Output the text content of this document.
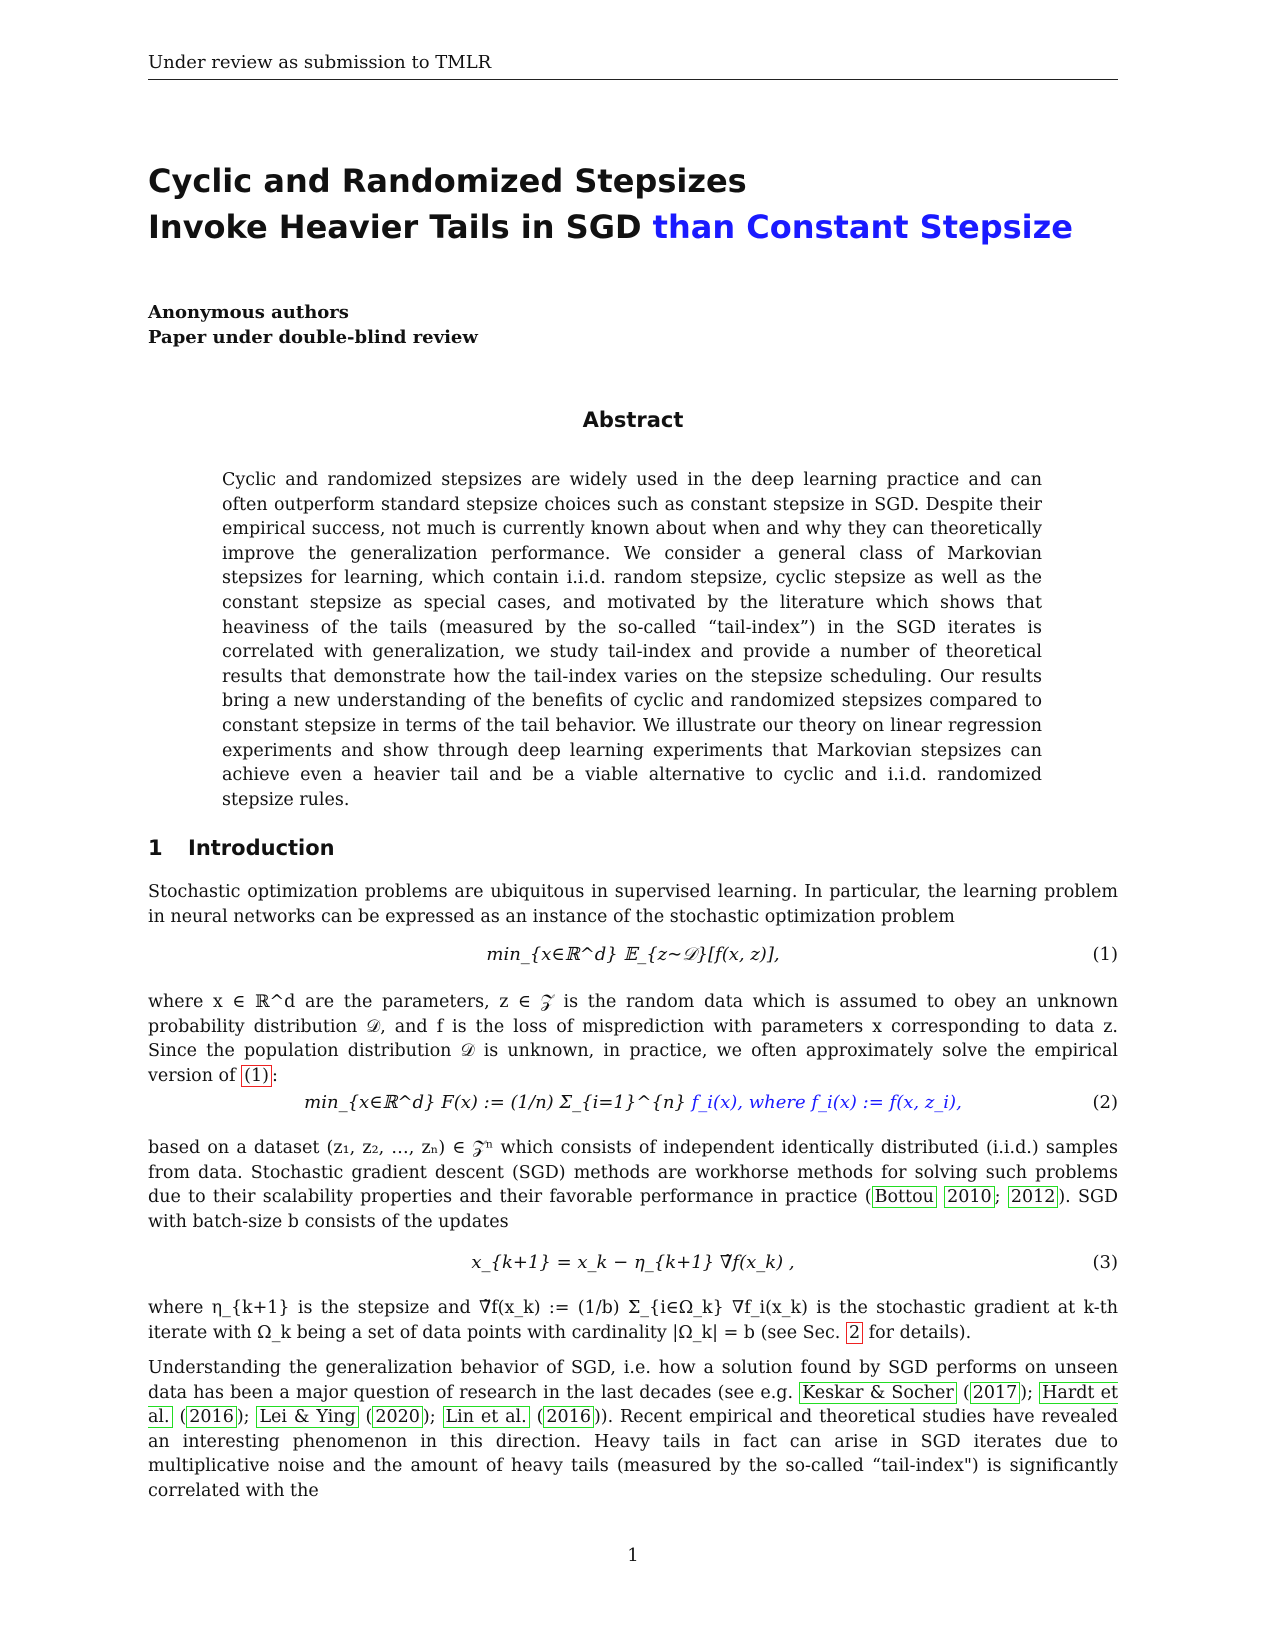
Under review as submission to TMLR
Cyclic and Randomized Stepsizes
Invoke Heavier Tails in SGD than Constant Stepsize
Anonymous authors
Paper under double-blind review
Abstract
Cyclic and randomized stepsizes are widely used in the deep learning practice and can often outperform standard stepsize choices such as constant stepsize in SGD. Despite their empirical success, not much is currently known about when and why they can theoretically improve the generalization performance. We consider a general class of Markovian stepsizes for learning, which contain i.i.d. random stepsize, cyclic stepsize as well as the constant stepsize as special cases, and motivated by the literature which shows that heaviness of the tails (measured by the so-called “tail-index”) in the SGD iterates is correlated with generalization, we study tail-index and provide a number of theoretical results that demonstrate how the tail-index varies on the stepsize scheduling. Our results bring a new understanding of the benefits of cyclic and randomized stepsizes compared to constant stepsize in terms of the tail behavior. We illustrate our theory on linear regression experiments and show through deep learning experiments that Markovian stepsizes can achieve even a heavier tail and be a viable alternative to cyclic and i.i.d. randomized stepsize rules.
1 Introduction
Stochastic optimization problems are ubiquitous in supervised learning. In particular, the learning problem in neural networks can be expressed as an instance of the stochastic optimization problem
min_{x∈ℝ^d} 𝔼_{z∼𝒟}[f(x, z)],	(1)
where x ∈ ℝ^d are the parameters, z ∈ 𝒵 is the random data which is assumed to obey an unknown probability distribution 𝒟, and f is the loss of misprediction with parameters x corresponding to data z. Since the population distribution 𝒟 is unknown, in practice, we often approximately solve the empirical version of (1) :
min_{x∈ℝ^d} F(x) := (1/n) Σ_{i=1}^{n} f_i(x), where f_i(x) := f(x, z_i),	(2)
based on a dataset (z₁, z₂, …, zₙ) ∈ 𝒵ⁿ which consists of independent identically distributed (i.i.d.) samples from data. Stochastic gradient descent (SGD) methods are workhorse methods for solving such problems due to their scalability properties and their favorable performance in practice ( Bottou 2010 ; 2012 ). SGD with batch-size b consists of the updates
x_{k+1} = x_k − η_{k+1} ∇̃f(x_k) ,	(3)
where η_{k+1} is the stepsize and ∇̃f(x_k) := (1/b) Σ_{i∈Ω_k} ∇f_i(x_k) is the stochastic gradient at k-th iterate with Ω_k being a set of data points with cardinality |Ω_k| = b (see Sec. 2 for details).
Understanding the generalization behavior of SGD, i.e. how a solution found by SGD performs on unseen data has been a major question of research in the last decades (see e.g. Keskar & Socher ( 2017 ); Hardt et al. ( 2016 ); Lei & Ying ( 2020 ); Lin et al. ( 2016 )). Recent empirical and theoretical studies have revealed an interesting phenomenon in this direction. Heavy tails in fact can arise in SGD iterates due to multiplicative noise and the amount of heavy tails (measured by the so-called “tail-index") is significantly correlated with the
1
